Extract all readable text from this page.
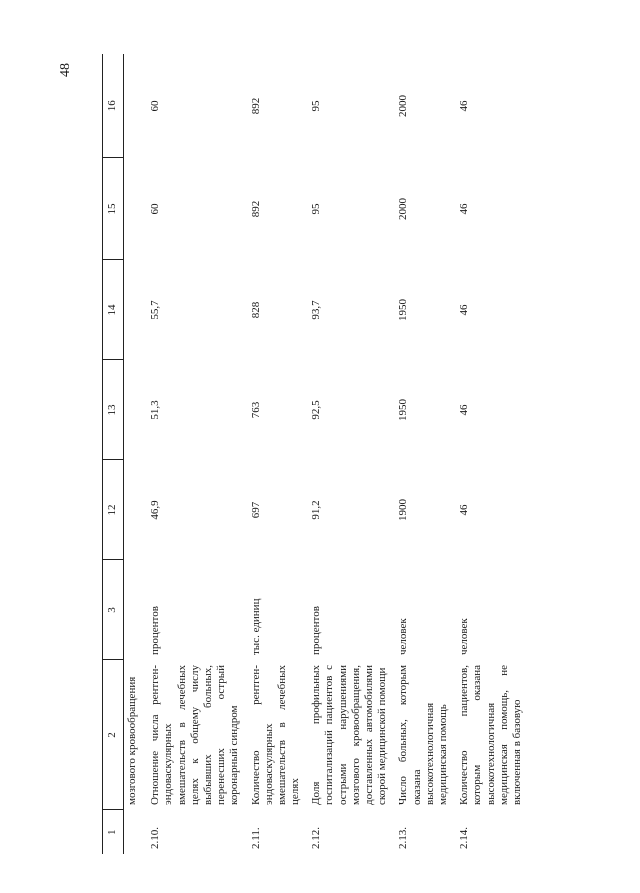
48
1	2	3	12	13	14	15	16
	мозгового кровообращения						
2.10.	Отношение числа рентген-эндоваскулярных вмешательств в лечебных целях к общему числу выбывших больных, перенесших острый коронарный синдром	процентов	46,9	51,3	55,7	60	60
2.11.	Количество рентген-эндоваскулярных вмешательств в лечебных целях	тыс. единиц	697	763	828	892	892
2.12.	Доля профильных госпитализаций пациентов с острыми нарушениями мозгового кровообращения, доставленных автомобилями скорой медицинской помощи	процентов	91,2	92,5	93,7	95	95
2.13.	Число больных, которым оказана высокотехнологичная медицинская помощь	человек	1900	1950	1950	2000	2000
2.14.	Количество пациентов, которым оказана высокотехнологичная медицинская помощь, не включенная в базовую	человек	46	46	46	46	46
